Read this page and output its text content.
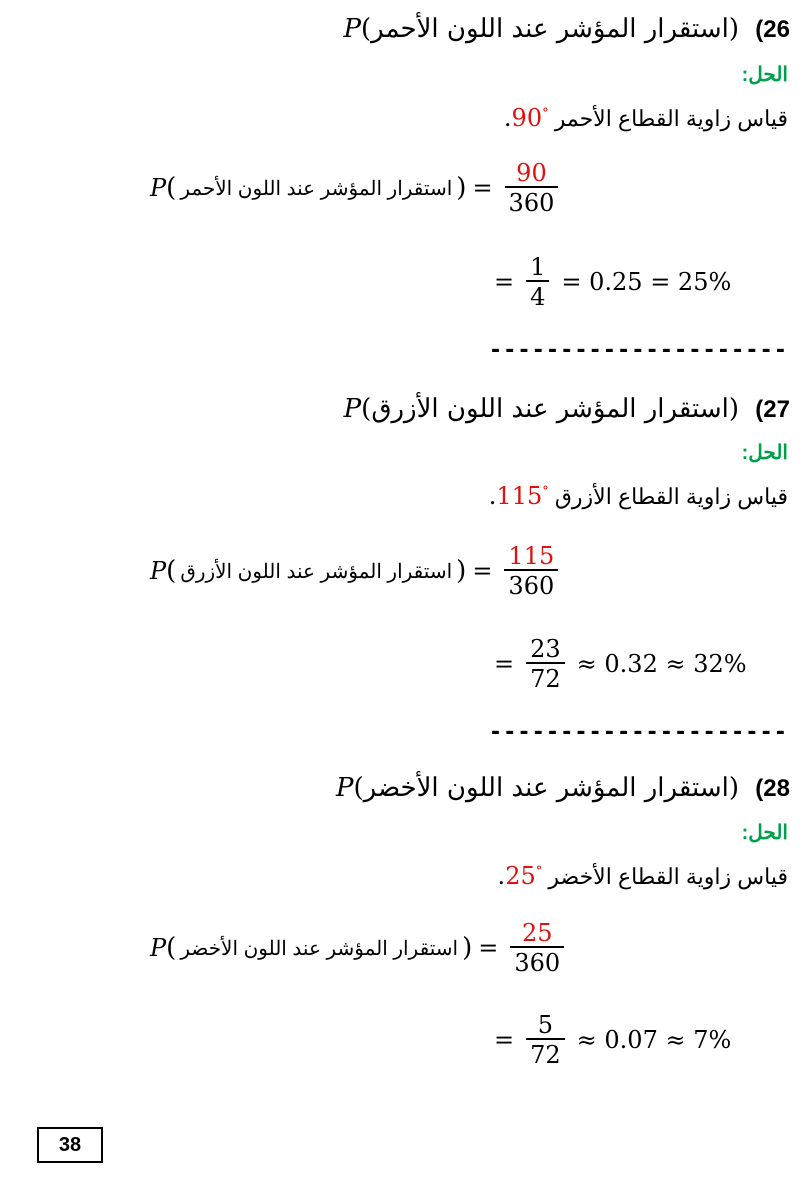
26) (استقرار المؤشر عند اللون الأحمر)P
الحل:
قياس زاوية القطاع الأحمر °90.
P ( استقرار المؤشر عند اللون الأحمر ) = $\frac{90}{360}$
= $\frac{1}{4} = 0.25 = 25\%$
---------------------
27) (استقرار المؤشر عند اللون الأزرق)P
الحل:
قياس زاوية القطاع الأزرق °115.
P ( استقرار المؤشر عند اللون الأزرق ) = $\frac{115}{360}$
= $\frac{23}{72} \approx 0.32 \approx 32\%$
---------------------
28) (استقرار المؤشر عند اللون الأخضر)P
الحل:
قياس زاوية القطاع الأخضر °25.
P ( استقرار المؤشر عند اللون الأخضر ) = $\frac{25}{360}$
= $\frac{5}{72} \approx 0.07 \approx 7\%$
38
